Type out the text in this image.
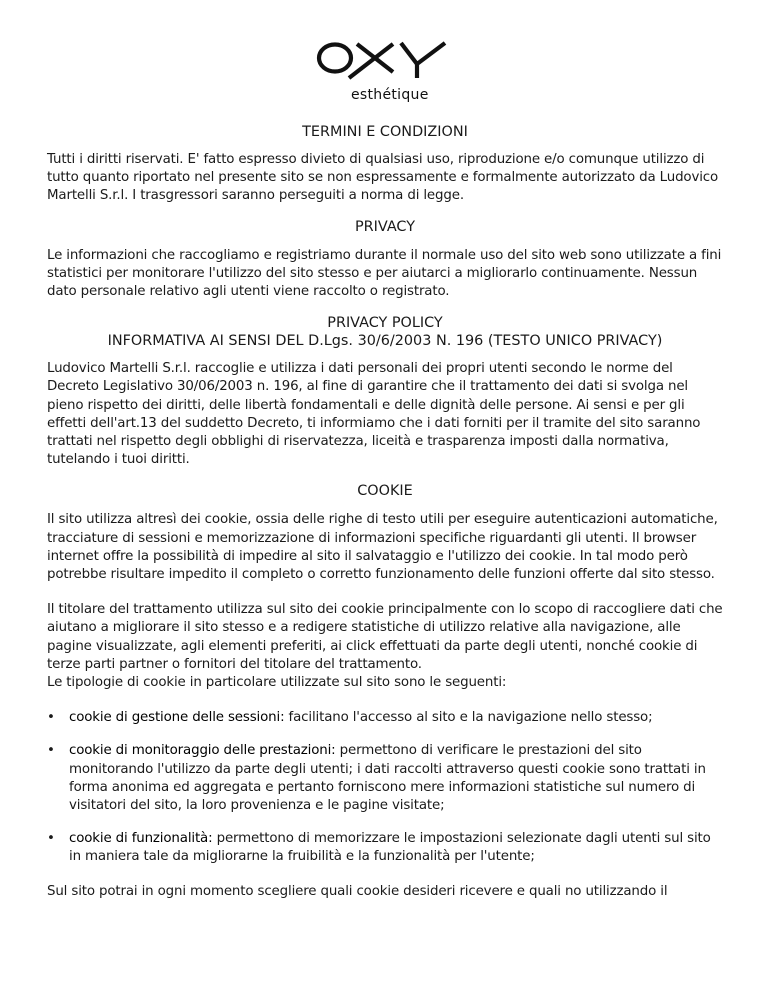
esthétique
TERMINI E CONDIZIONI

Tutti i diritti riservati. E' fatto espresso divieto di qualsiasi uso, riproduzione e/o comunque utilizzo di tutto quanto riportato nel presente sito se non espressamente e formalmente autorizzato da Ludovico Martelli S.r.l. I trasgressori saranno perseguiti a norma di legge.

PRIVACY

Le informazioni che raccogliamo e registriamo durante il normale uso del sito web sono utilizzate a fini statistici per monitorare l'utilizzo del sito stesso e per aiutarci a migliorarlo continuamente. Nessun dato personale relativo agli utenti viene raccolto o registrato.

PRIVACY POLICY
INFORMATIVA AI SENSI DEL D.Lgs. 30/6/2003 N. 196 (TESTO UNICO PRIVACY)

Ludovico Martelli S.r.l. raccoglie e utilizza i dati personali dei propri utenti secondo le norme del Decreto Legislativo 30/06/2003 n. 196, al fine di garantire che il trattamento dei dati si svolga nel pieno rispetto dei diritti, delle libertà fondamentali e delle dignità delle persone. Ai sensi e per gli effetti dell'art.13 del suddetto Decreto, ti informiamo che i dati forniti per il tramite del sito saranno trattati nel rispetto degli obblighi di riservatezza, liceità e trasparenza imposti dalla normativa, tutelando i tuoi diritti.

COOKIE

Il sito utilizza altresì dei cookie, ossia delle righe di testo utili per eseguire autenticazioni automatiche, tracciature di sessioni e memorizzazione di informazioni specifiche riguardanti gli utenti. Il browser internet offre la possibilità di impedire al sito il salvataggio e l'utilizzo dei cookie. In tal modo però potrebbe risultare impedito il completo o corretto funzionamento delle funzioni offerte dal sito stesso.

Il titolare del trattamento utilizza sul sito dei cookie principalmente con lo scopo di raccogliere dati che aiutano a migliorare il sito stesso e a redigere statistiche di utilizzo relative alla navigazione, alle pagine visualizzate, agli elementi preferiti, ai click effettuati da parte degli utenti, nonché cookie di terze parti partner o fornitori del titolare del trattamento.
Le tipologie di cookie in particolare utilizzate sul sito sono le seguenti:

• cookie di gestione delle sessioni: facilitano l'accesso al sito e la navigazione nello stesso;
• cookie di monitoraggio delle prestazioni: permettono di verificare le prestazioni del sito monitorando l'utilizzo da parte degli utenti; i dati raccolti attraverso questi cookie sono trattati in forma anonima ed aggregata e pertanto forniscono mere informazioni statistiche sul numero di visitatori del sito, la loro provenienza e le pagine visitate;
• cookie di funzionalità: permettono di memorizzare le impostazioni selezionate dagli utenti sul sito in maniera tale da migliorarne la fruibilità e la funzionalità per l'utente;

Sul sito potrai in ogni momento scegliere quali cookie desideri ricevere e quali no utilizzando il
